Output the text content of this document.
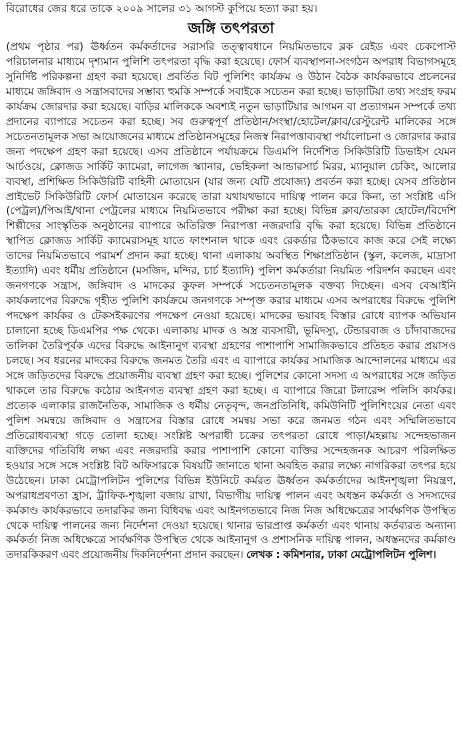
বিরোধের জের ধরে তাকে ২০০৯ সালের ৩১ আগস্ট কুপিয়ে হত্যা করা হয়।
জঙ্গি তৎপরতা

(প্রথম পৃষ্ঠার পর) ঊর্ধ্বতন কর্মকর্তাদের সরাসরি তত্ত্বাবধানে নিয়মিতভাবে ব্লক রেইড এবং চেকপোস্ট পরিচালনার মাধ্যমে দৃশ্যমান পুলিশি তৎপরতা বৃদ্ধি করা হয়েছে। ফোর্স ব্যবস্থাপনা-সংগঠন অপরাধ বিভাগসমূহে সুনির্দিষ্ট পরিকল্পনা গ্রহণ করা হয়েছে। প্রবর্তিত বিট পুলিশিং কার্যক্রম ও উঠান বৈঠক কার্যকরভাবে প্রচলনের মাধ্যমে জঙ্গিবাদ ও সন্ত্রাসবাদের সম্ভাব্য হুমকি সম্পর্কে সবাইকে সচেতন করা হচ্ছে। ভাড়াটিয়া তথ্য সংগ্রহ ফরম কার্যক্রম জোরদার করা হয়েছে। বাড়ির মালিককে অবশ্যই নতুন ভাড়াটিয়ার আগমন বা প্রত্যাগমন সম্পর্কে তথ্য প্রদানের ব্যাপারে সচেতন করা হচ্ছে। সব গুরুত্বপূর্ণ প্রতিষ্ঠান/সংস্থা/হোটেল/ক্লাব/রেস্টুরেন্ট মালিকের সঙ্গে সচেতনতামূলক সভা আয়োজনের মাধ্যমে প্রতিষ্ঠানসমূহের নিজস্ব নিরাপত্তাব্যবস্থা পর্যালোচনা ও জোরদার করার জন্য পদক্ষেপ গ্রহণ করা হয়েছে। এসব প্রতিষ্ঠানে পর্যায়ক্রমে ডিএমপি নির্দেশিত সিকিউরিটি ডিভাইস যেমন আর্চওয়ে, ক্লোজড সার্কিট ক্যামেরা, লাগেজ স্ক্যানার, ভেহিকলা আন্ডারসার্চ মিরর, ম্যানুয়াল চেকিং, আলোর ব্যবস্থা, প্রশিক্ষিত সিকিউরিটি বাহিনী মোতায়েন (যার জন্য যেটি প্রযোজ্য) প্রবর্তন করা হচ্ছে। যেসব প্রতিষ্ঠান প্রাইভেট সিকিউরিটি ফোর্স মোতায়েন করেছে তারা যথাযথভাবে দায়িত্ব পালন করে কিনা, তা সংশ্লিষ্ট এসি (পেট্রল)/পিআই/থানা পেট্রলের মাধ্যমে নিয়মিতভাবে পরীক্ষা করা হচ্ছে। বিভিন্ন ক্লাব/তারকা হোটেল/বিদেশি শিল্পীদের সাংস্কৃতিক অনুষ্ঠানের ব্যাপারে অতিরিক্ত নিরাপত্তা নজরদারি বৃদ্ধি করা হয়েছে। বিভিন্ন প্রতিষ্ঠানে স্থাপিত ক্লোজড সার্কিট ক্যামেরাসমূহ যাতে ফাংশনাল থাকে এবং রেকর্ডার ঠিকভাবে কাজ করে সেই লক্ষ্যে তাদের নিয়মিতভাবে পরামর্শ প্রদান করা হচ্ছে। থানা এলাকায় অবস্থিত শিক্ষাপ্রতিষ্ঠান (স্কুল, কলেজ, মাদ্রাসা ইত্যাদি) এবং ধর্মীয় প্রতিষ্ঠানে (মসজিদ, মন্দির, চার্চ ইত্যাদি) পুলিশ কর্মকর্তারা নিয়মিত পরিদর্শন করছেন এবং জনগণকে সন্ত্রাস, জঙ্গিবাদ ও মাদকের কুফল সম্পর্কে সচেতনতামূলক বক্তব্য দিচ্ছেন। এসব বেআইনি কার্যকলাপের বিরুদ্ধে গৃহীত পুলিশি কার্যক্রমে জনগণকে সম্পৃক্ত করার মাধ্যমে এসব অপরাধের বিরুদ্ধে পুলিশি পদক্ষেপ কার্যকর ও টেকসইকরণের পদক্ষেপ নেওয়া হয়েছে। মাদকের ভয়াবহ বিস্তার রোধে ব্যাপক অভিযান চালানো হচ্ছে ডিএমপির পক্ষ থেকে। এলাকায় মাদক ও অস্ত্র ব্যবসায়ী, ভূমিদস্যু, টেন্ডারবাজ ও চাঁদাবাজদের তালিকা তৈরিপূর্বক এদের বিরুদ্ধে আইনানুগ ব্যবস্থা গ্রহণের পাশাপাশি সামাজিকভাবে প্রতিহত করার প্রয়াসও চলছে। সব ধরনের মাদকের বিরুদ্ধে জনমত তৈরি এবং এ ব্যাপারে কার্যকর সামাজিক আন্দোলনের মাধ্যমে এর সঙ্গে জড়িতদের বিরুদ্ধে প্রয়োজনীয় ব্যবস্থা গ্রহণ করা হচ্ছে। পুলিশের কোনো সদস্য এ অপরাধের সঙ্গে জড়িত থাকলে তার বিরুদ্ধে কঠোর আইনগত ব্যবস্থা গ্রহণ করা হচ্ছে। এ ব্যাপারে জিরো টলারেন্স পলিসি কার্যকর। প্রত্যেক এলাকার রাজনৈতিক, সামাজিক ও ধর্মীয় নেতৃবৃন্দ, জনপ্রতিনিধি, কমিউনিটি পুলিশিংয়ের নেতা এবং পুলিশ সমন্বয়ে জঙ্গিবাদ ও সন্ত্রাসের বিস্তার রোধে সমন্বয় সভা করে জনমত গঠন এবং সম্মিলিতভাবে প্রতিরোধব্যবস্থা গড়ে তোলা হচ্ছে। সংশ্লিষ্ট অপরাধী চক্রের তৎপরতা রোধে পাড়া/মহল্লায় সন্দেহভাজন ব্যক্তিদের গতিবিধি লক্ষ্য এবং নজরদারি করার পাশাপাশি কোনো ব্যক্তির সন্দেহজনক আচরণ পরিলক্ষিত হওয়ার সঙ্গে সঙ্গে সংশ্লিষ্ট বিট অফিসারকে বিষয়টি জানাতে থানা অবহিত করার লক্ষ্যে নাগরিকরা তৎপর হয়ে উঠেছেন। ঢাকা মেট্রোপলিটন পুলিশের বিভিন্ন ইউনিটে কর্মরত ঊর্ধ্বতন কর্মকর্তাদের আইনশৃঙ্খলা নিয়ন্ত্রণ, অপরাধপ্রবণতা হ্রাস, ট্রাফিক-শৃঙ্খলা বজায় রাখা, বিভাগীয় দায়িত্ব পালন এবং অধস্তন কর্মকর্তা ও সদস্যদের কর্মকাণ্ড কার্যকরভাবে তদারকির জন্য বিধিবদ্ধ এবং আইনগতভাবে নিজ নিজ অধিক্ষেত্রের সার্বক্ষণিক উপস্থিত থেকে দায়িত্ব পালনের জন্য নির্দেশনা দেওয়া হয়েছে। থানার ভারপ্রাপ্ত কর্মকর্তা এবং থানায় কর্তব্যরত অন্যান্য কর্মকর্তা নিজ অধিক্ষেত্রে সার্বক্ষণিক উপস্থিত থেকে আইনানুগ ও প্রশাসনিক দায়িত্ব পালন, অধস্তনদের কর্মকাণ্ড তদারকিকরণ এবং প্রয়োজনীয় দিকনির্দেশনা প্রদান করছেন। লেখক : কমিশনার, ঢাকা মেট্রোপলিটন পুলিশ।
